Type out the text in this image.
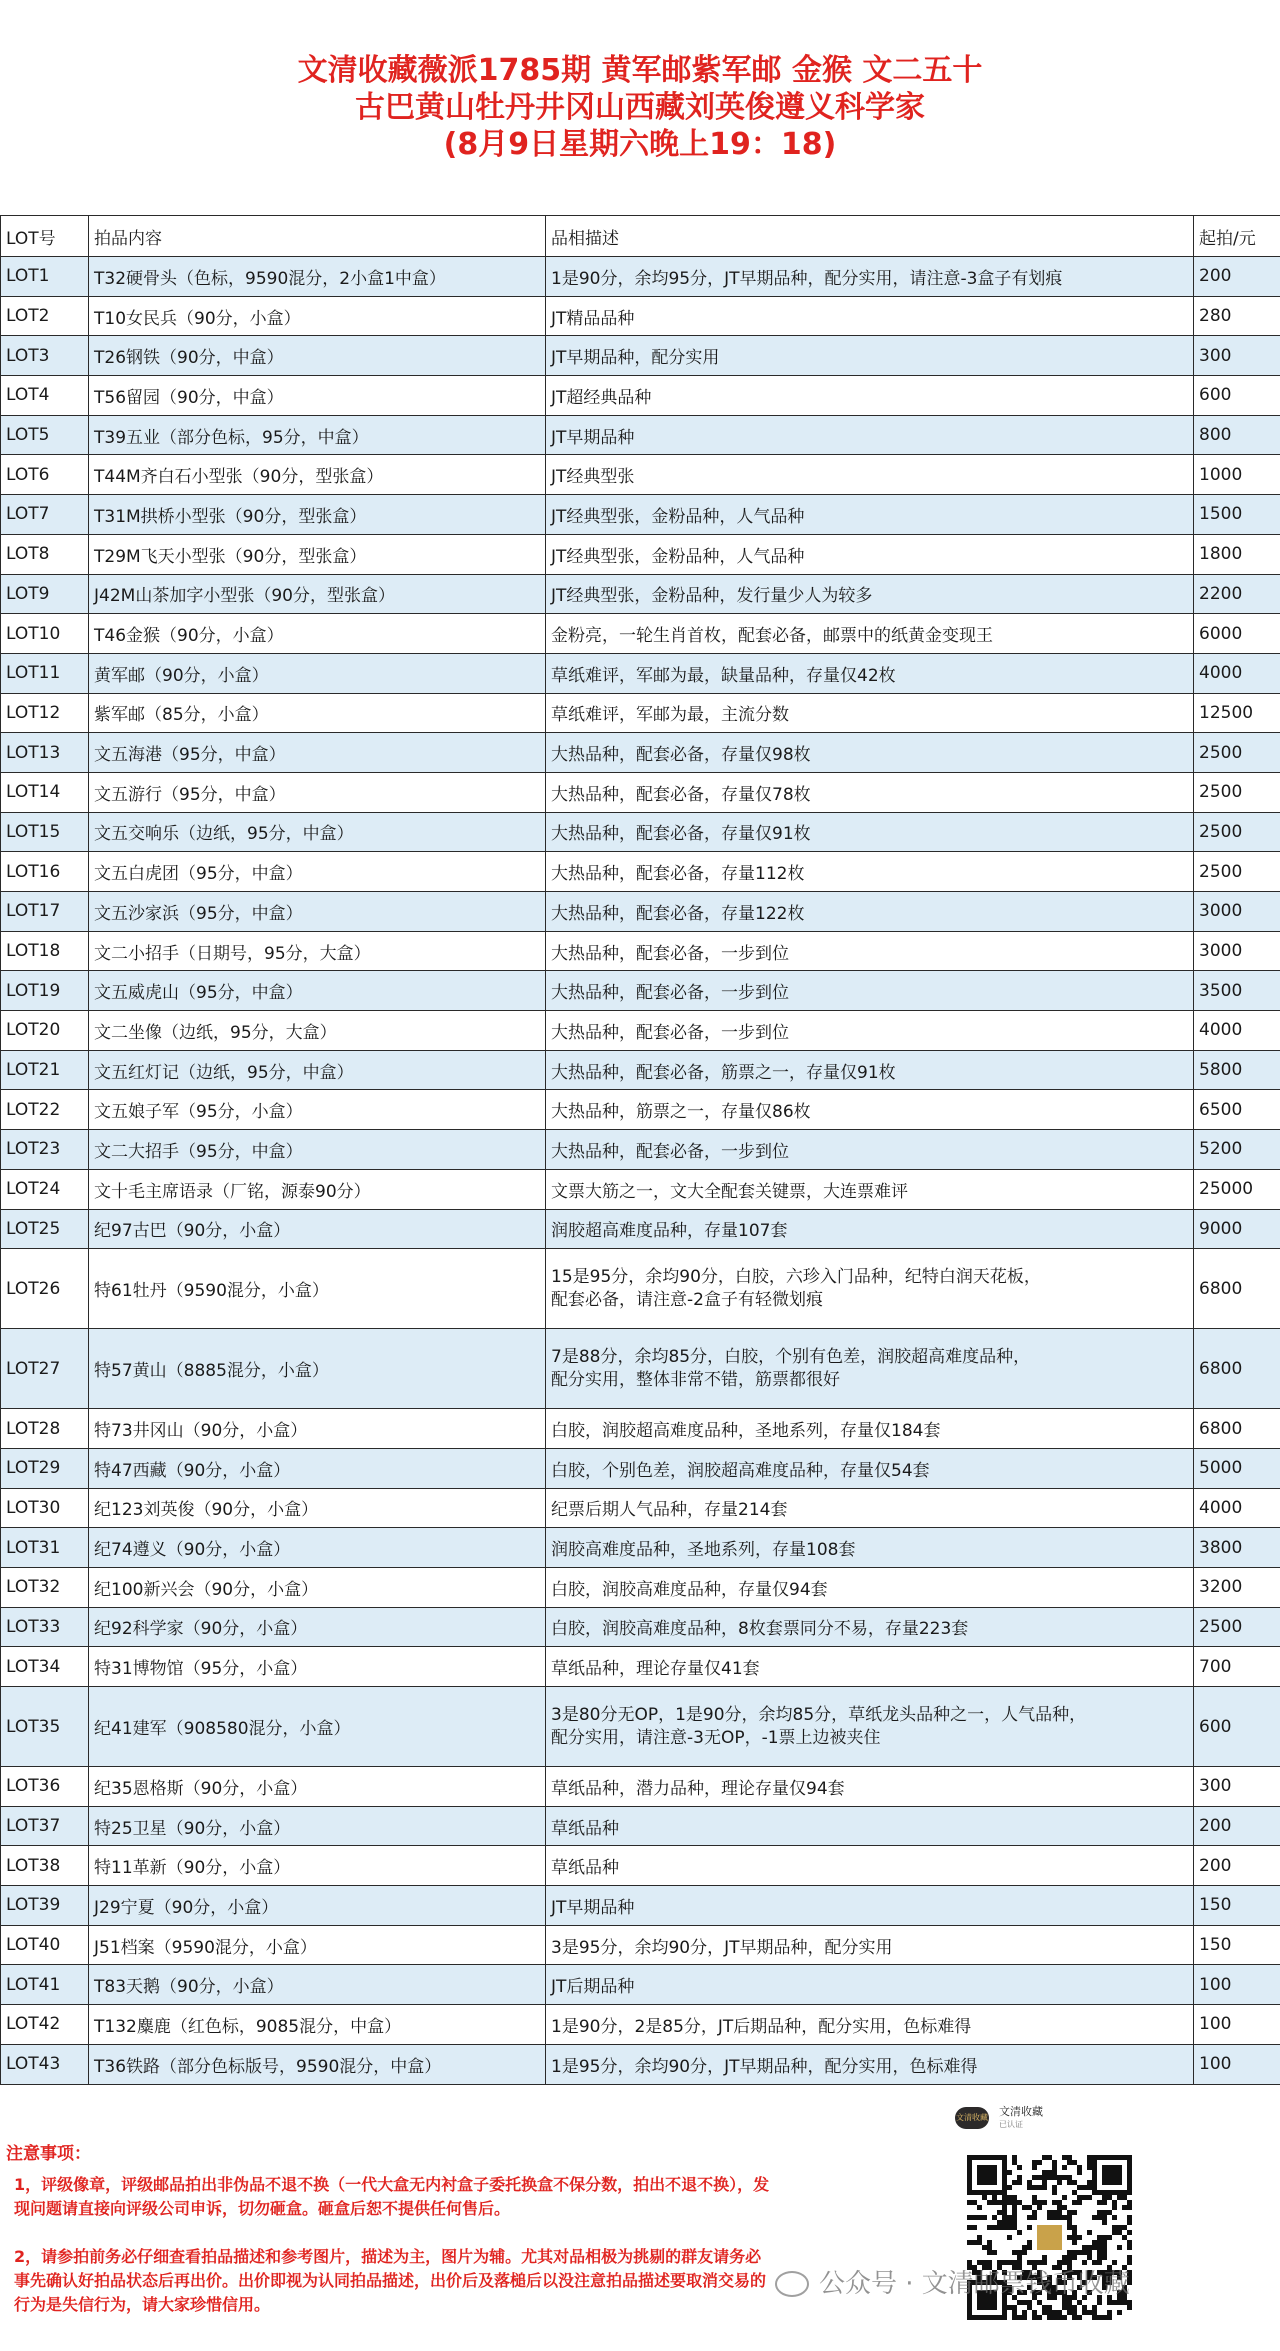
文清收藏薇派1785期 黄军邮紫军邮 金猴 文二五十
古巴黄山牡丹井冈山西藏刘英俊遵义科学家
(8月9日星期六晚上19：18)
LOT号	拍品内容	品相描述	起拍/元
LOT1	T32硬骨头（色标，9590混分，2小盒1中盒）	1是90分，余均95分，JT早期品种，配分实用，请注意-3盒子有划痕	200
LOT2	T10女民兵（90分，小盒）	JT精品品种	280
LOT3	T26钢铁（90分，中盒）	JT早期品种，配分实用	300
LOT4	T56留园（90分，中盒）	JT超经典品种	600
LOT5	T39五业（部分色标，95分，中盒）	JT早期品种	800
LOT6	T44M齐白石小型张（90分，型张盒）	JT经典型张	1000
LOT7	T31M拱桥小型张（90分，型张盒）	JT经典型张，金粉品种，人气品种	1500
LOT8	T29M飞天小型张（90分，型张盒）	JT经典型张，金粉品种，人气品种	1800
LOT9	J42M山茶加字小型张（90分，型张盒）	JT经典型张，金粉品种，发行量少人为较多	2200
LOT10	T46金猴（90分，小盒）	金粉亮，一轮生肖首枚，配套必备，邮票中的纸黄金变现王	6000
LOT11	黄军邮（90分，小盒）	草纸难评，军邮为最，缺量品种，存量仅42枚	4000
LOT12	紫军邮（85分，小盒）	草纸难评，军邮为最，主流分数	12500
LOT13	文五海港（95分，中盒）	大热品种，配套必备，存量仅98枚	2500
LOT14	文五游行（95分，中盒）	大热品种，配套必备，存量仅78枚	2500
LOT15	文五交响乐（边纸，95分，中盒）	大热品种，配套必备，存量仅91枚	2500
LOT16	文五白虎团（95分，中盒）	大热品种，配套必备，存量112枚	2500
LOT17	文五沙家浜（95分，中盒）	大热品种，配套必备，存量122枚	3000
LOT18	文二小招手（日期号，95分，大盒）	大热品种，配套必备，一步到位	3000
LOT19	文五威虎山（95分，中盒）	大热品种，配套必备，一步到位	3500
LOT20	文二坐像（边纸，95分，大盒）	大热品种，配套必备，一步到位	4000
LOT21	文五红灯记（边纸，95分，中盒）	大热品种，配套必备，筋票之一，存量仅91枚	5800
LOT22	文五娘子军（95分，小盒）	大热品种，筋票之一，存量仅86枚	6500
LOT23	文二大招手（95分，中盒）	大热品种，配套必备，一步到位	5200
LOT24	文十毛主席语录（厂铭，源泰90分）	文票大筋之一，文大全配套关键票，大连票难评	25000
LOT25	纪97古巴（90分，小盒）	润胶超高难度品种，存量107套	9000
LOT26	特61牡丹（9590混分，小盒）	15是95分，余均90分，白胶，六珍入门品种，纪特白润天花板，
配套必备，请注意-2盒子有轻微划痕	6800
LOT27	特57黄山（8885混分，小盒）	7是88分，余均85分，白胶，个别有色差，润胶超高难度品种，
配分实用，整体非常不错，筋票都很好	6800
LOT28	特73井冈山（90分，小盒）	白胶，润胶超高难度品种，圣地系列，存量仅184套	6800
LOT29	特47西藏（90分，小盒）	白胶，个别色差，润胶超高难度品种，存量仅54套	5000
LOT30	纪123刘英俊（90分，小盒）	纪票后期人气品种，存量214套	4000
LOT31	纪74遵义（90分，小盒）	润胶高难度品种，圣地系列，存量108套	3800
LOT32	纪100新兴会（90分，小盒）	白胶，润胶高难度品种，存量仅94套	3200
LOT33	纪92科学家（90分，小盒）	白胶，润胶高难度品种，8枚套票同分不易，存量223套	2500
LOT34	特31博物馆（95分，小盒）	草纸品种，理论存量仅41套	700
LOT35	纪41建军（908580混分，小盒）	3是80分无OP，1是90分，余均85分，草纸龙头品种之一，人气品种，
配分实用，请注意-3无OP，-1票上边被夹住	600
LOT36	纪35恩格斯（90分，小盒）	草纸品种，潜力品种，理论存量仅94套	300
LOT37	特25卫星（90分，小盒）	草纸品种	200
LOT38	特11革新（90分，小盒）	草纸品种	200
LOT39	J29宁夏（90分，小盒）	JT早期品种	150
LOT40	J51档案（9590混分，小盒）	3是95分，余均90分，JT早期品种，配分实用	150
LOT41	T83天鹅（90分，小盒）	JT后期品种	100
LOT42	T132麋鹿（红色标，9085混分，中盒）	1是90分，2是85分，JT后期品种，配分实用，色标难得	100
LOT43	T36铁路（部分色标版号，9590混分，中盒）	1是95分，余均90分，JT早期品种，配分实用，色标难得	100
注意事项：
1，评级像章，评级邮品拍出非伪品不退不换（一代大盒无内衬盒子委托换盒不保分数，拍出不退不换），发现问题请直接向评级公司申诉，切勿砸盒。砸盒后恕不提供任何售后。
2，请参拍前务必仔细查看拍品描述和参考图片，描述为主，图片为辅。尤其对品相极为挑剔的群友请务必事先确认好拍品状态后再出价。出价即视为认同拍品描述，出价后及落槌后以没注意拍品描述要取消交易的行为是失信行为，请大家珍惜信用。
文清收藏 文清收藏
已认证
公众号 · 文清邮票钱币收藏
